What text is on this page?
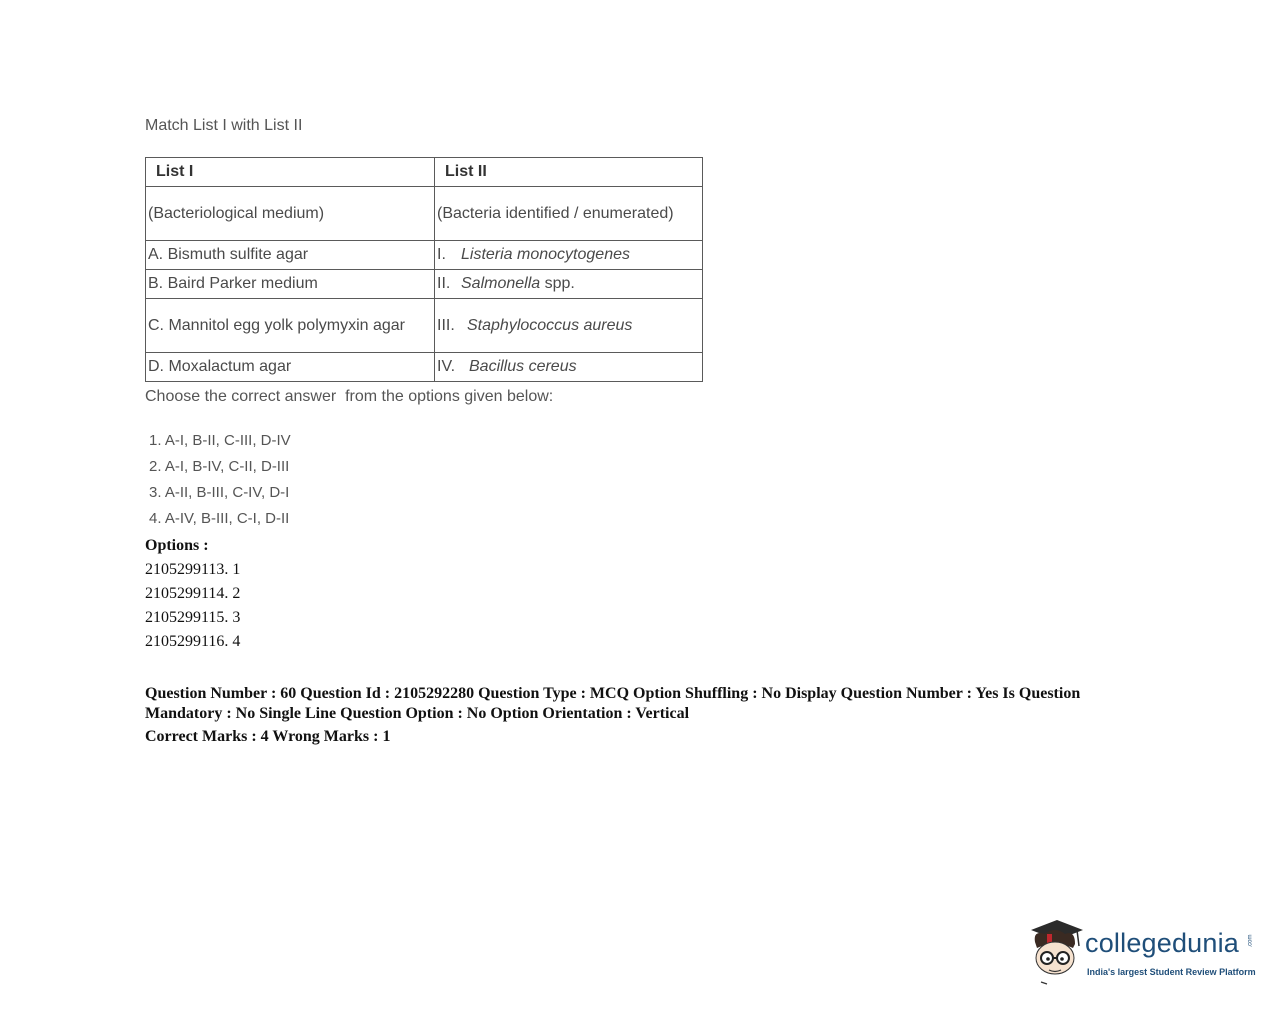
Match List I with List II
List I	List II
(Bacteriological medium)	(Bacteria identified / enumerated)
A. Bismuth sulfite agar	I. Listeria monocytogenes
B. Baird Parker medium	II. Salmonella spp.
C. Mannitol egg yolk polymyxin agar	III. Staphylococcus aureus
D. Moxalactum agar	IV. Bacillus cereus
Choose the correct answer  from the options given below:
1. A-I, B-II, C-III, D-IV
2. A-I, B-IV, C-II, D-III
3. A-II, B-III, C-IV, D-I
4. A-IV, B-III, C-I, D-II
Options :
2105299113. 1
2105299114. 2
2105299115. 3
2105299116. 4
Question Number : 60 Question Id : 2105292280 Question Type : MCQ Option Shuffling : No Display Question Number : Yes Is Question Mandatory : No Single Line Question Option : No Option Orientation : Vertical
Correct Marks : 4 Wrong Marks : 1
collegedunia .com
India's largest Student Review Platform
